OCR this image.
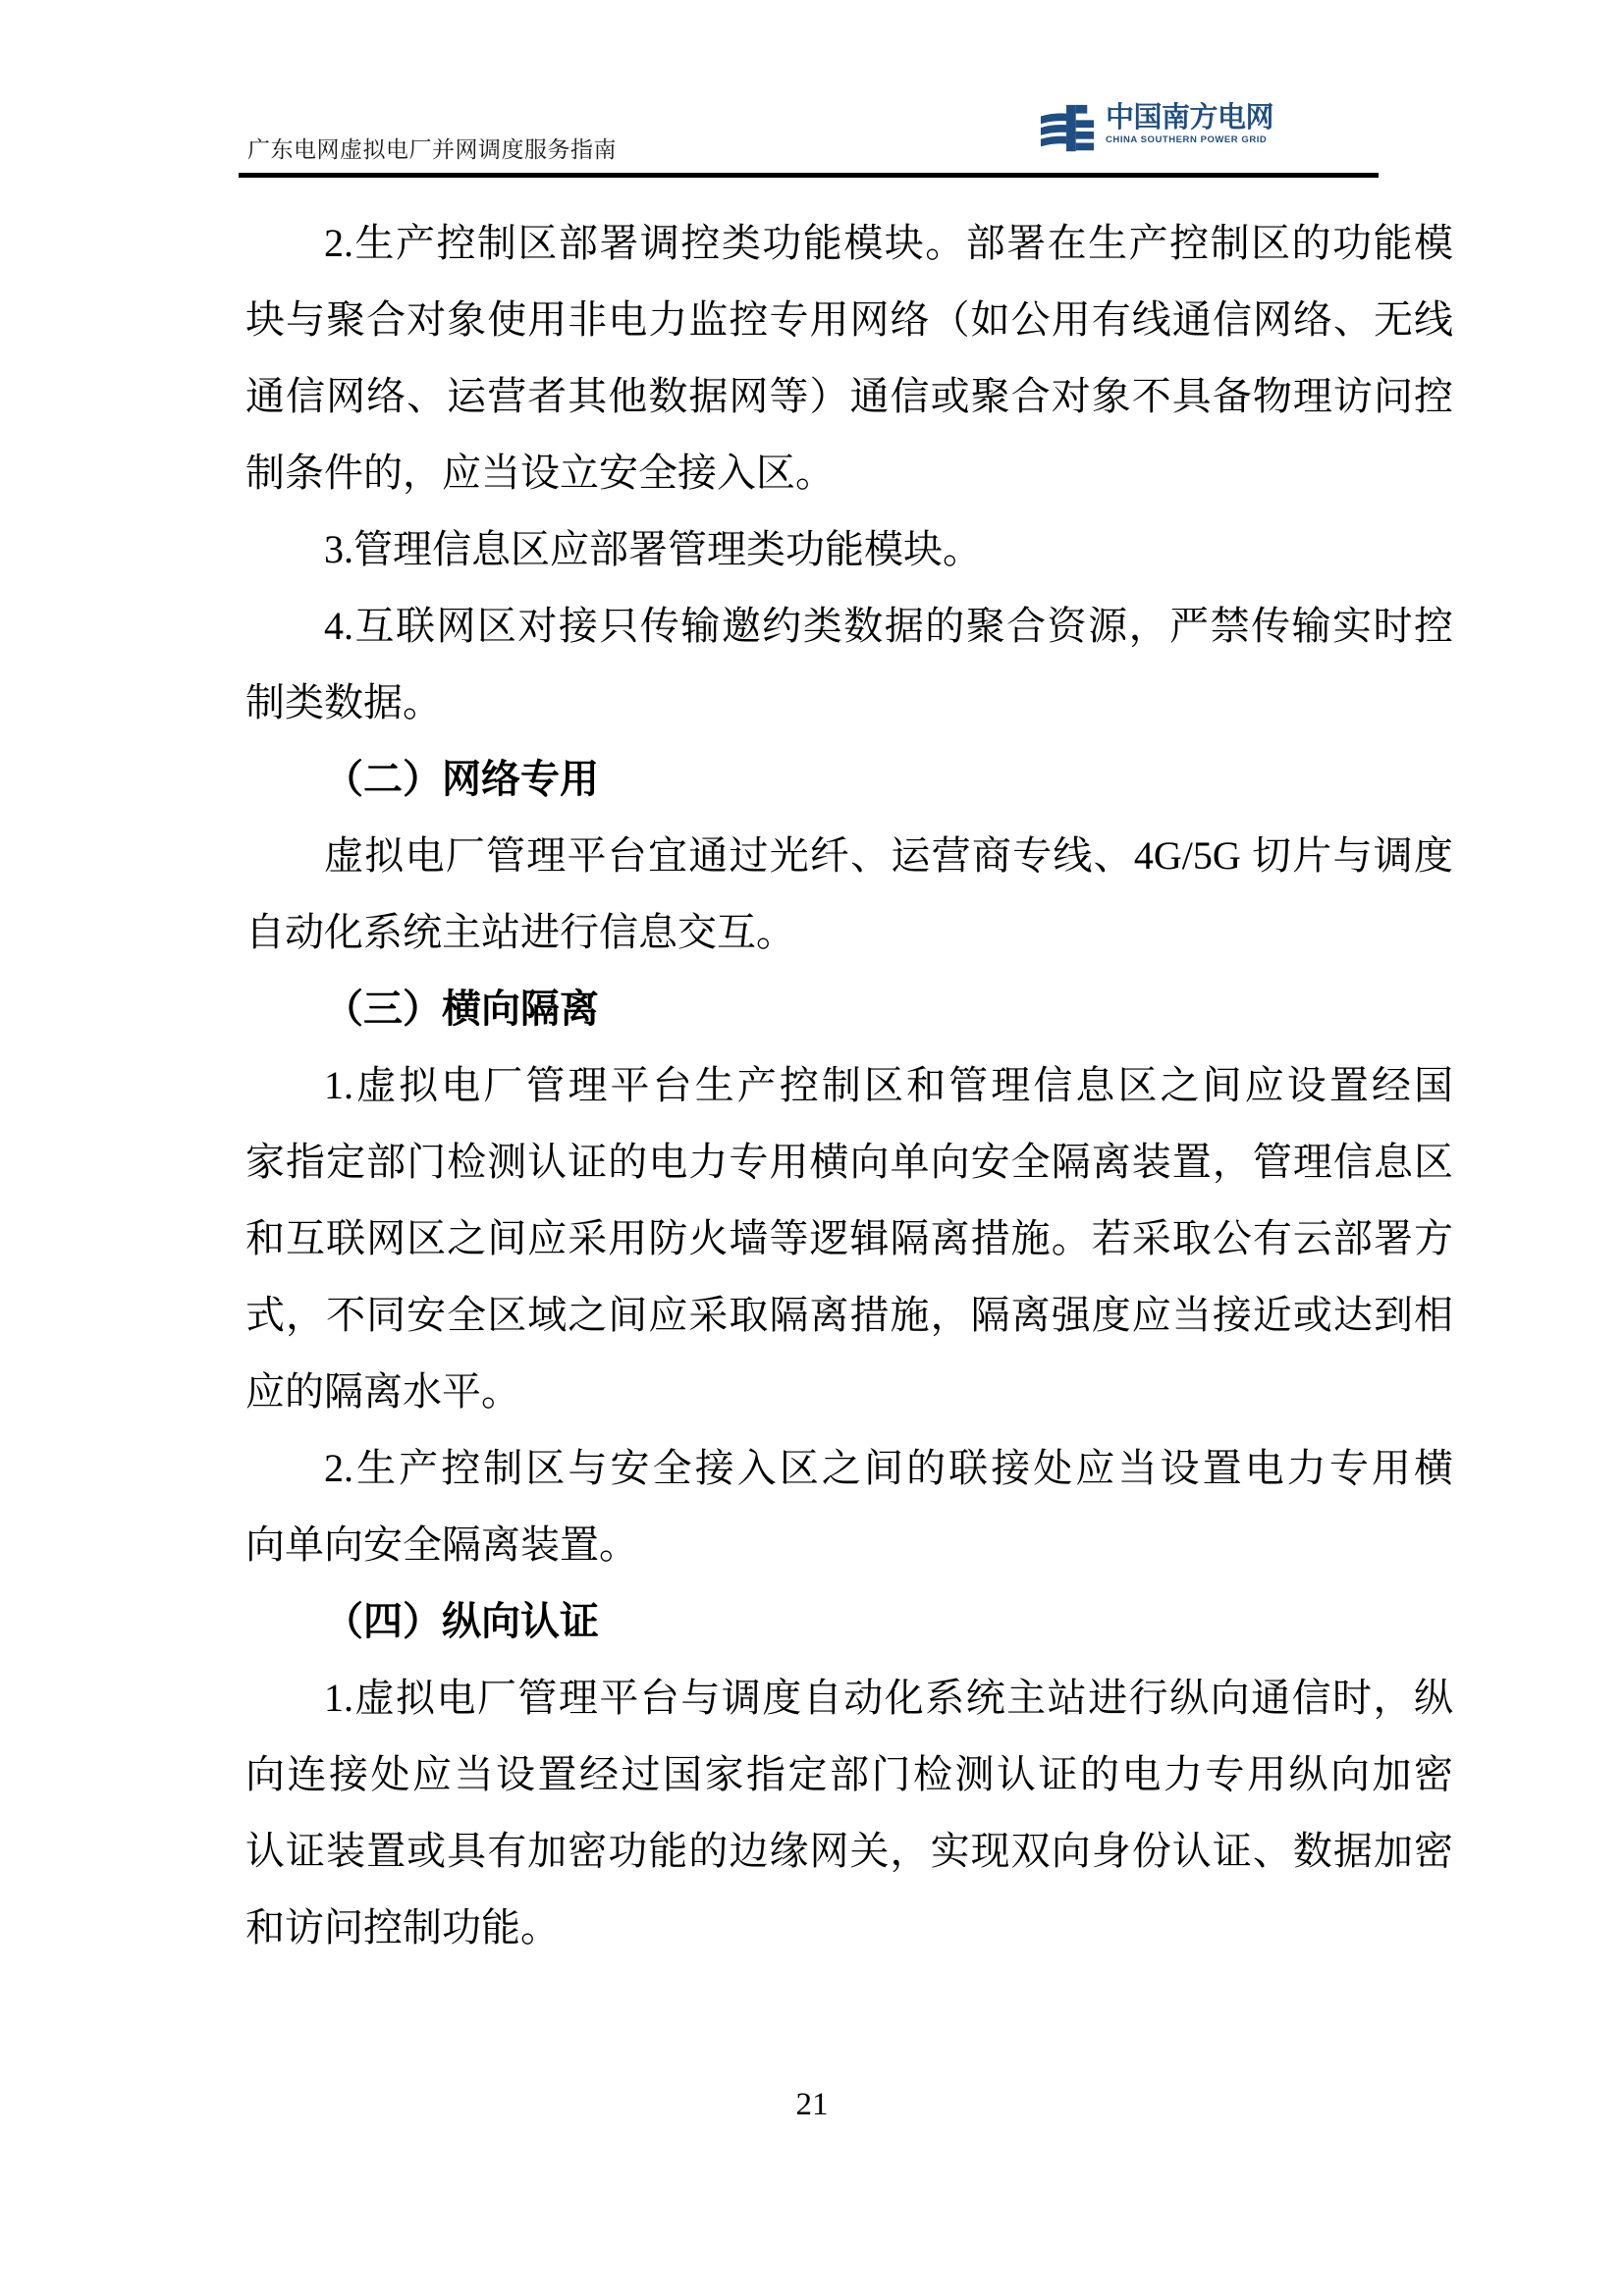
广东电网虚拟电厂并网调度服务指南
中国南方电网
CHINA SOUTHERN POWER GRID
2.生产控制区部署调控类功能模块。部署在生产控制区的功能模
块与聚合对象使用非电力监控专用网络（如公用有线通信网络、无线
通信网络、运营者其他数据网等）通信或聚合对象不具备物理访问控
制条件的，应当设立安全接入区。
3.管理信息区应部署管理类功能模块。
4.互联网区对接只传输邀约类数据的聚合资源，严禁传输实时控
制类数据。
（二）网络专用
虚拟电厂管理平台宜通过光纤、运营商专线、4G/5G 切片与调度
自动化系统主站进行信息交互。
（三）横向隔离
1.虚拟电厂管理平台生产控制区和管理信息区之间应设置经国
家指定部门检测认证的电力专用横向单向安全隔离装置，管理信息区
和互联网区之间应采用防火墙等逻辑隔离措施。若采取公有云部署方
式，不同安全区域之间应采取隔离措施，隔离强度应当接近或达到相
应的隔离水平。
2.生产控制区与安全接入区之间的联接处应当设置电力专用横
向单向安全隔离装置。
（四）纵向认证
1.虚拟电厂管理平台与调度自动化系统主站进行纵向通信时，纵
向连接处应当设置经过国家指定部门检测认证的电力专用纵向加密
认证装置或具有加密功能的边缘网关，实现双向身份认证、数据加密
和访问控制功能。
21
